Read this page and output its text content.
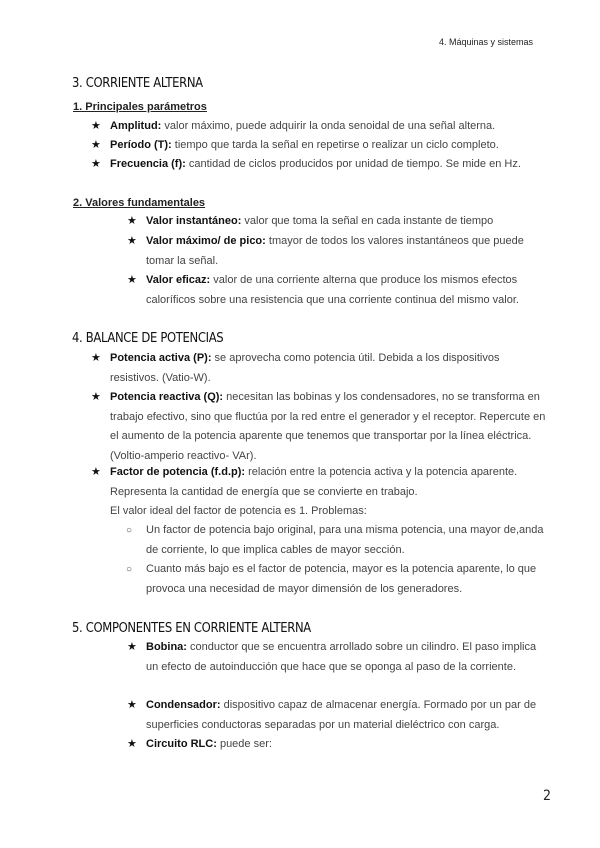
4. Máquinas y sistemas
3. CORRIENTE ALTERNA
1. Principales parámetros
★ Amplitud: valor máximo, puede adquirir la onda senoidal de una señal alterna.
★ Período (T): tiempo que tarda la señal en repetirse o realizar un ciclo completo.
★ Frecuencia (f): cantidad de ciclos producidos por unidad de tiempo. Se mide en Hz.
2. Valores fundamentales
★ Valor instantáneo: valor que toma la señal en cada instante de tiempo
★ Valor máximo/ de pico: tmayor de todos los valores instantáneos que puede tomar la señal.
★ Valor eficaz: valor de una corriente alterna que produce los mismos efectos caloríficos sobre una resistencia que una corriente continua del mismo valor.
4. BALANCE DE POTENCIAS
★ Potencia activa (P): se aprovecha como potencia útil. Debida a los dispositivos resistivos. (Vatio-W).
★ Potencia reactiva (Q): necesitan las bobinas y los condensadores, no se transforma en trabajo efectivo, sino que fluctúa por la red entre el generador y el receptor. Repercute en el aumento de la potencia aparente que tenemos que transportar por la línea eléctrica. (Voltio-amperio reactivo- VAr).
★ Factor de potencia (f.d.p): relación entre la potencia activa y la potencia aparente. Representa la cantidad de energía que se convierte en trabajo.
El valor ideal del factor de potencia es 1. Problemas:
○ Un factor de potencia bajo original, para una misma potencia, una mayor de,anda de corriente, lo que implica cables de mayor sección.
○ Cuanto más bajo es el factor de potencia, mayor es la potencia aparente, lo que provoca una necesidad de mayor dimensión de los generadores.
5. COMPONENTES EN CORRIENTE ALTERNA
★ Bobina: conductor que se encuentra arrollado sobre un cilindro. El paso implica un efecto de autoinducción que hace que se oponga al paso de la corriente.
★ Condensador: dispositivo capaz de almacenar energía. Formado por un par de superficies conductoras separadas por un material dieléctrico con carga.
★ Circuito RLC: puede ser:
2
